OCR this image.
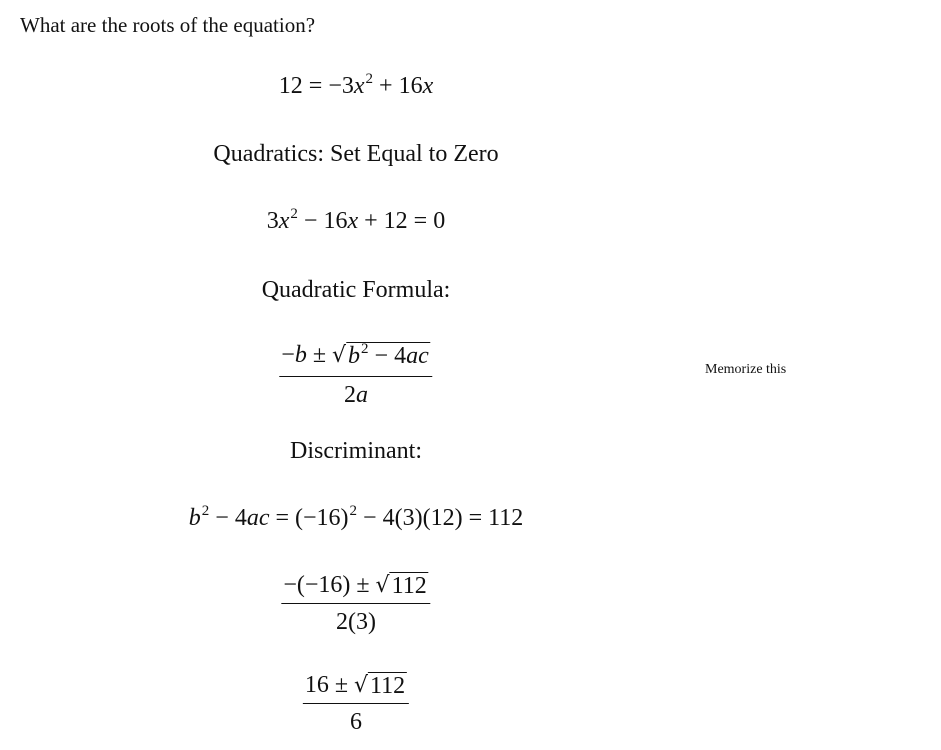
What are the roots of the equation?
$12 = -3x^2 + 16x$
Quadratics: Set Equal to Zero
$3x^2 - 16x + 12 = 0$
Quadratic Formula:
$\frac{-b \pm √ b^2 - 4ac}{2a}$	Memorize this
Discriminant:
$b^2 - 4ac = (-16)^2 - 4(3)(12) = 112$
$\frac{-(-16) \pm √ 112}{2(3)}$
$\frac{16 \pm √ 112}{6}$
